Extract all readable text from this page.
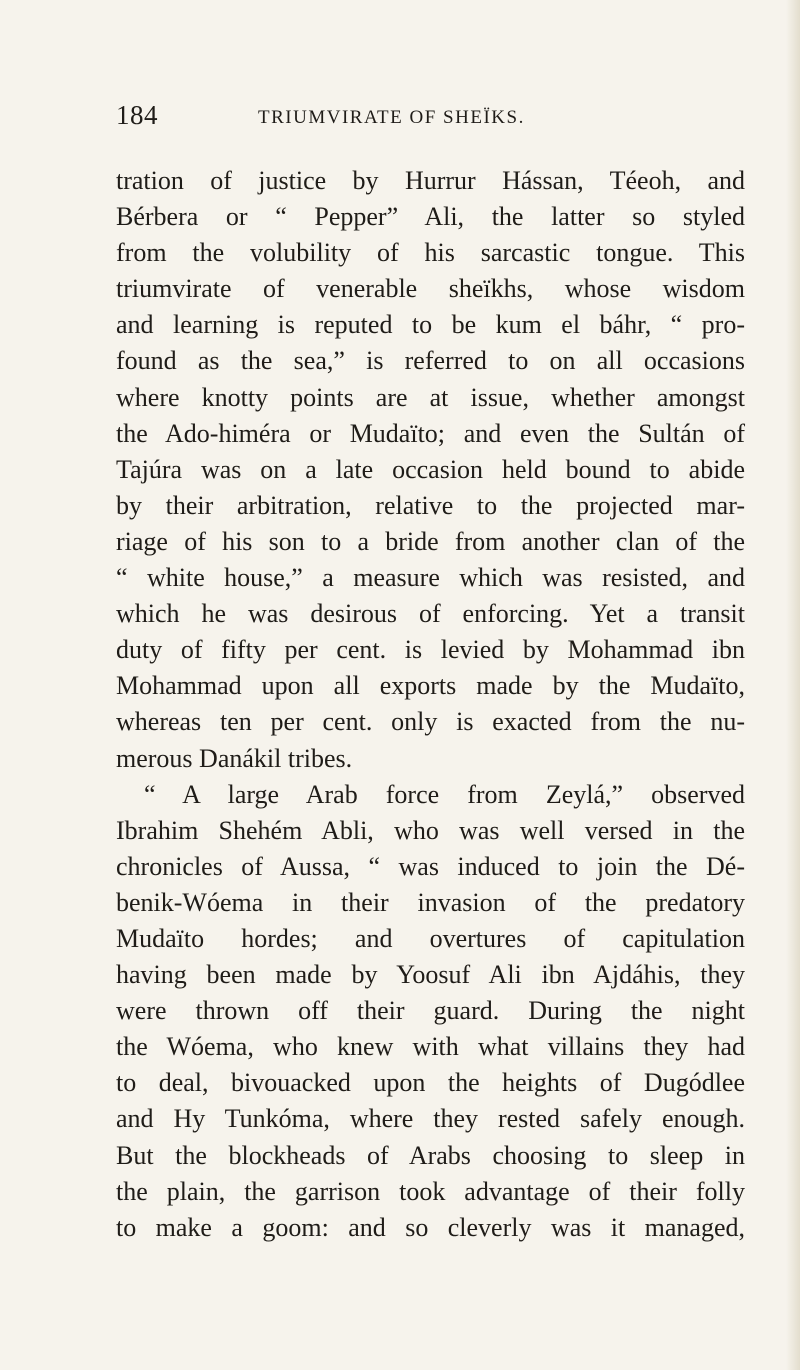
184	TRIUMVIRATE OF SHEÏKS.
tration of justice by Hurrur Hássan, Téeoh, and
Bérbera or “ Pepper” Ali, the latter so styled
from the volubility of his sarcastic tongue. This
triumvirate of venerable sheïkhs, whose wisdom
and learning is reputed to be kum el báhr, “ pro-
found as the sea,” is referred to on all occasions
where knotty points are at issue, whether amongst
the Ado-himéra or Mudaïto; and even the Sultán of
Tajúra was on a late occasion held bound to abide
by their arbitration, relative to the projected mar-
riage of his son to a bride from another clan of the
“ white house,” a measure which was resisted, and
which he was desirous of enforcing. Yet a transit
duty of fifty per cent. is levied by Mohammad ibn
Mohammad upon all exports made by the Mudaïto,
whereas ten per cent. only is exacted from the nu-
merous Danákil tribes.
“ A large Arab force from Zeylá,” observed
Ibrahim Shehém Abli, who was well versed in the
chronicles of Aussa, “ was induced to join the Dé-
benik-Wóema in their invasion of the predatory
Mudaïto hordes; and overtures of capitulation
having been made by Yoosuf Ali ibn Ajdáhis, they
were thrown off their guard. During the night
the Wóema, who knew with what villains they had
to deal, bivouacked upon the heights of Dugódlee
and Hy Tunkóma, where they rested safely enough.
But the blockheads of Arabs choosing to sleep in
the plain, the garrison took advantage of their folly
to make a goom: and so cleverly was it managed,
